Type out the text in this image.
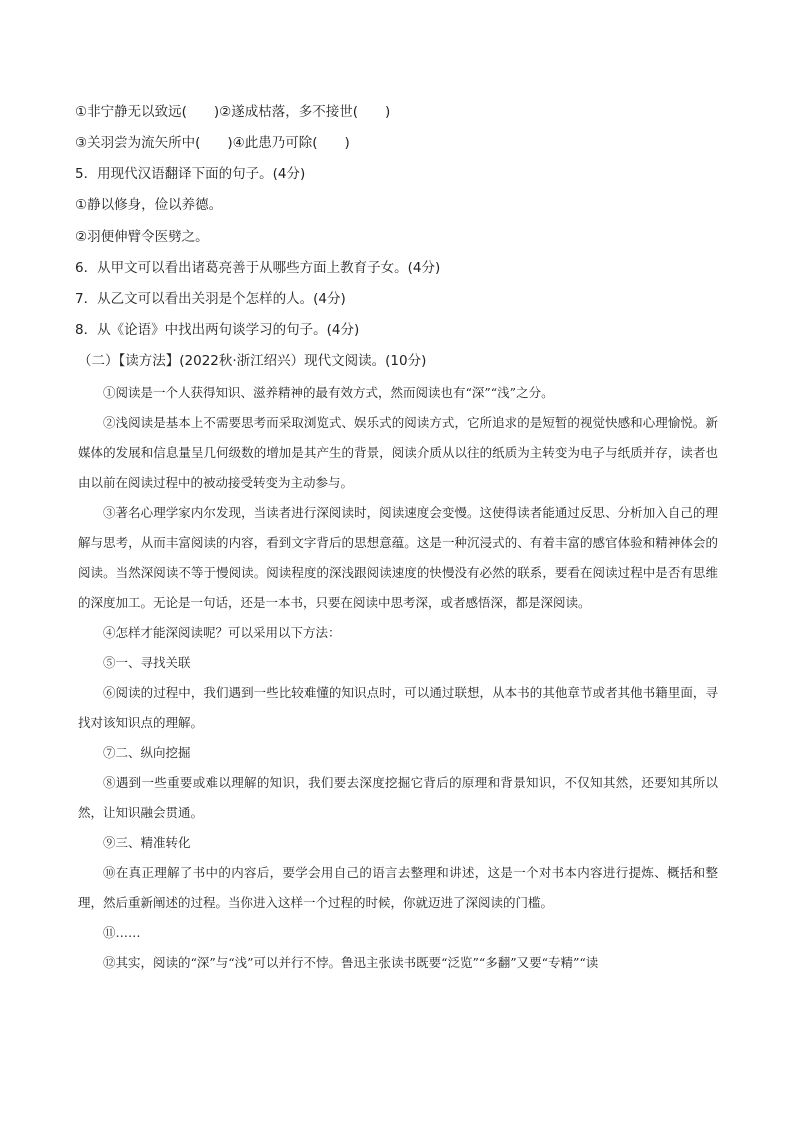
①非宁静无以致远(　　)②遂成枯落，多不接世(　　)
③关羽尝为流矢所中(　　)④此患乃可除(　　)
5．用现代汉语翻译下面的句子。(4分)
①静以修身，俭以养德。
②羽便伸臂令医劈之。
6．从甲文可以看出诸葛亮善于从哪些方面上教育子女。(4分)
7．从乙文可以看出关羽是个怎样的人。(4分)
8．从《论语》中找出两句谈学习的句子。(4分)
（二）【读方法】(2022秋·浙江绍兴）现代文阅读。(10分)

①阅读是一个人获得知识、滋养精神的最有效方式，然而阅读也有“深”“浅”之分。

②浅阅读是基本上不需要思考而采取浏览式、娱乐式的阅读方式，它所追求的是短暂的视觉快感和心理愉悦。新媒体的发展和信息量呈几何级数的增加是其产生的背景，阅读介质从以往的纸质为主转变为电子与纸质并存，读者也由以前在阅读过程中的被动接受转变为主动参与。

③著名心理学家内尔发现，当读者进行深阅读时，阅读速度会变慢。这使得读者能通过反思、分析加入自己的理解与思考，从而丰富阅读的内容，看到文字背后的思想意蕴。这是一种沉浸式的、有着丰富的感官体验和精神体会的阅读。当然深阅读不等于慢阅读。阅读程度的深浅跟阅读速度的快慢没有必然的联系，要看在阅读过程中是否有思维的深度加工。无论是一句话，还是一本书，只要在阅读中思考深，或者感悟深，都是深阅读。

④怎样才能深阅读呢？可以采用以下方法：

⑤一、寻找关联

⑥阅读的过程中，我们遇到一些比较难懂的知识点时，可以通过联想，从本书的其他章节或者其他书籍里面，寻找对该知识点的理解。

⑦二、纵向挖掘

⑧遇到一些重要或难以理解的知识，我们要去深度挖掘它背后的原理和背景知识，不仅知其然，还要知其所以然，让知识融会贯通。

⑨三、精准转化

⑩在真正理解了书中的内容后，要学会用自己的语言去整理和讲述，这是一个对书本内容进行提炼、概括和整理，然后重新阐述的过程。当你进入这样一个过程的时候，你就迈进了深阅读的门槛。

⑪……

⑫其实，阅读的“深”与“浅”可以并行不悖。鲁迅主张读书既要“泛览”“多翻”又要“专精”“读
